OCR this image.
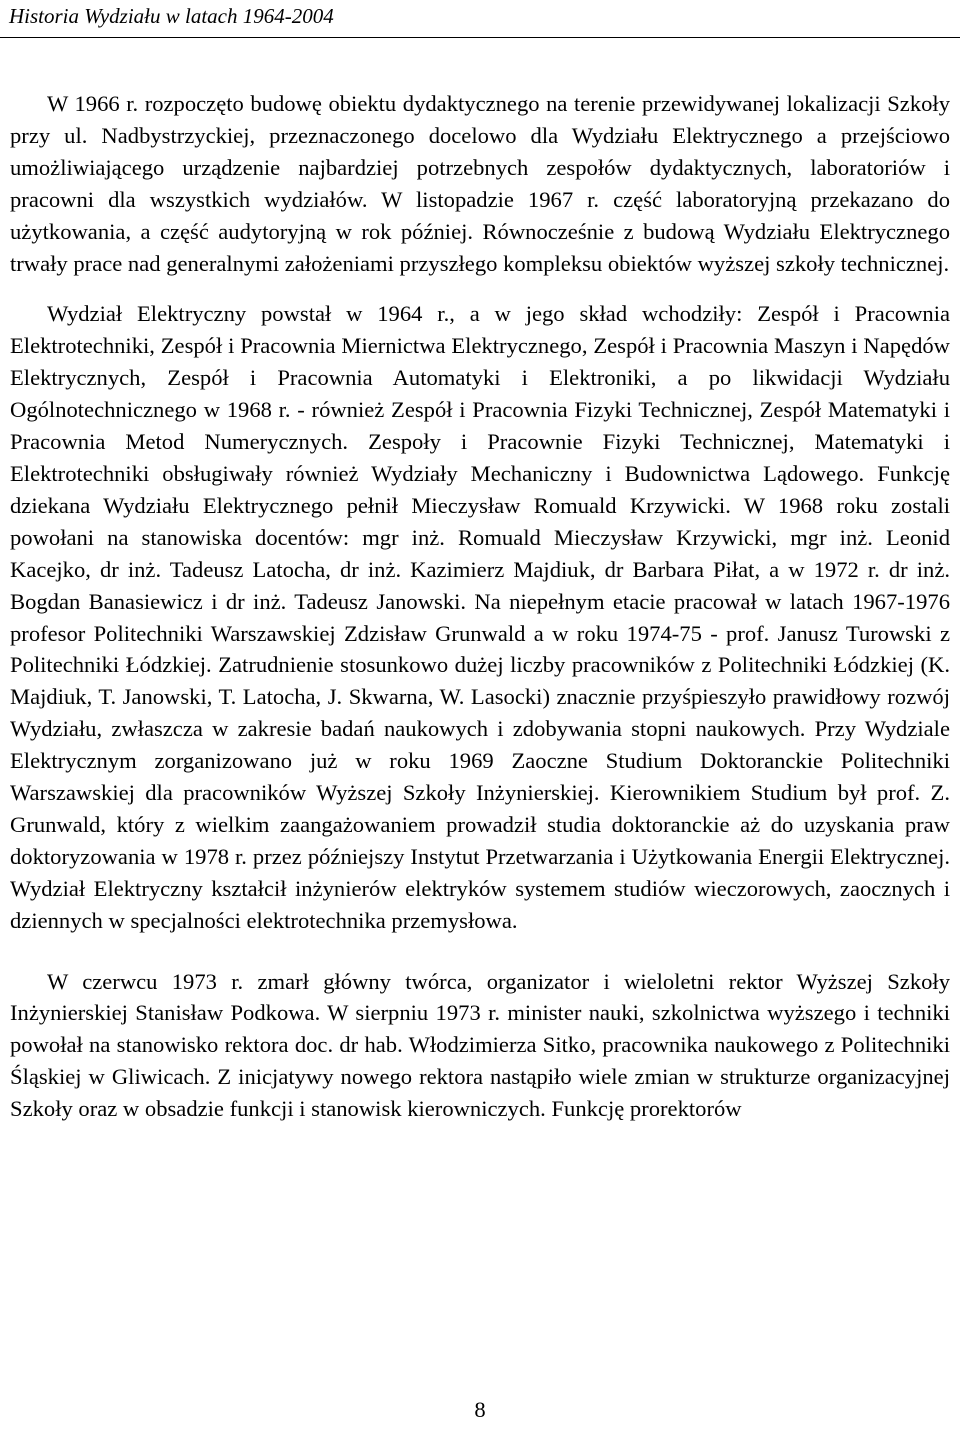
Historia Wydziału w latach 1964-2004

W 1966 r. rozpoczęto budowę obiektu dydaktycznego na terenie przewidywanej lokalizacji Szkoły przy ul. Nadbystrzyckiej, przeznaczonego docelowo dla Wydziału Elektrycznego a przejściowo umożliwiającego urządzenie najbardziej potrzebnych zespołów dydaktycznych, laboratoriów i pracowni dla wszystkich wydziałów. W listopadzie 1967 r. część laboratoryjną przekazano do użytkowania, a część audytoryjną w rok później. Równocześnie z budową Wydziału Elektrycznego trwały prace nad generalnymi założeniami przyszłego kompleksu obiektów wyższej szkoły technicznej.

Wydział Elektryczny powstał w 1964 r., a w jego skład wchodziły: Zespół i Pracownia Elektrotechniki, Zespół i Pracownia Miernictwa Elektrycznego, Zespół i Pracownia Maszyn i Napędów Elektrycznych, Zespół i Pracownia Automatyki i Elektroniki, a po likwidacji Wydziału Ogólnotechnicznego w 1968 r. - również Zespół i Pracownia Fizyki Technicznej, Zespół Matematyki i Pracownia Metod Numerycznych. Zespoły i Pracownie Fizyki Technicznej, Matematyki i Elektrotechniki obsługiwały również Wydziały Mechaniczny i Budownictwa Lądowego. Funkcję dziekana Wydziału Elektrycznego pełnił Mieczysław Romuald Krzywicki. W 1968 roku zostali powołani na stanowiska docentów: mgr inż. Romuald Mieczysław Krzywicki, mgr inż. Leonid Kacejko, dr inż. Tadeusz Latocha, dr inż. Kazimierz Majdiuk, dr Barbara Piłat, a w 1972 r. dr inż. Bogdan Banasiewicz i dr inż. Tadeusz Janowski. Na niepełnym etacie pracował w latach 1967-1976 profesor Politechniki Warszawskiej Zdzisław Grunwald a w roku 1974-75 - prof. Janusz Turowski z Politechniki Łódzkiej. Zatrudnienie stosunkowo dużej liczby pracowników z Politechniki Łódzkiej (K. Majdiuk, T. Janowski, T. Latocha, J. Skwarna, W. Lasocki) znacznie przyśpieszyło prawidłowy rozwój Wydziału, zwłaszcza w zakresie badań naukowych i zdobywania stopni naukowych. Przy Wydziale Elektrycznym zorganizowano już w roku 1969 Zaoczne Studium Doktoranckie Politechniki Warszawskiej dla pracowników Wyższej Szkoły Inżynierskiej. Kierownikiem Studium był prof. Z. Grunwald, który z wielkim zaangażowaniem prowadził studia doktoranckie aż do uzyskania praw doktoryzowania w 1978 r. przez późniejszy Instytut Przetwarzania i Użytkowania Energii Elektrycznej. Wydział Elektryczny kształcił inżynierów elektryków systemem studiów wieczorowych, zaocznych i dziennych w specjalności elektrotechnika przemysłowa.

W czerwcu 1973 r. zmarł główny twórca, organizator i wieloletni rektor Wyższej Szkoły Inżynierskiej Stanisław Podkowa. W sierpniu 1973 r. minister nauki, szkolnictwa wyższego i techniki powołał na stanowisko rektora doc. dr hab. Włodzimierza Sitko, pracownika naukowego z Politechniki Śląskiej w Gliwicach. Z inicjatywy nowego rektora nastąpiło wiele zmian w strukturze organizacyjnej Szkoły oraz w obsadzie funkcji i stanowisk kierowniczych. Funkcję prorektorów

8
